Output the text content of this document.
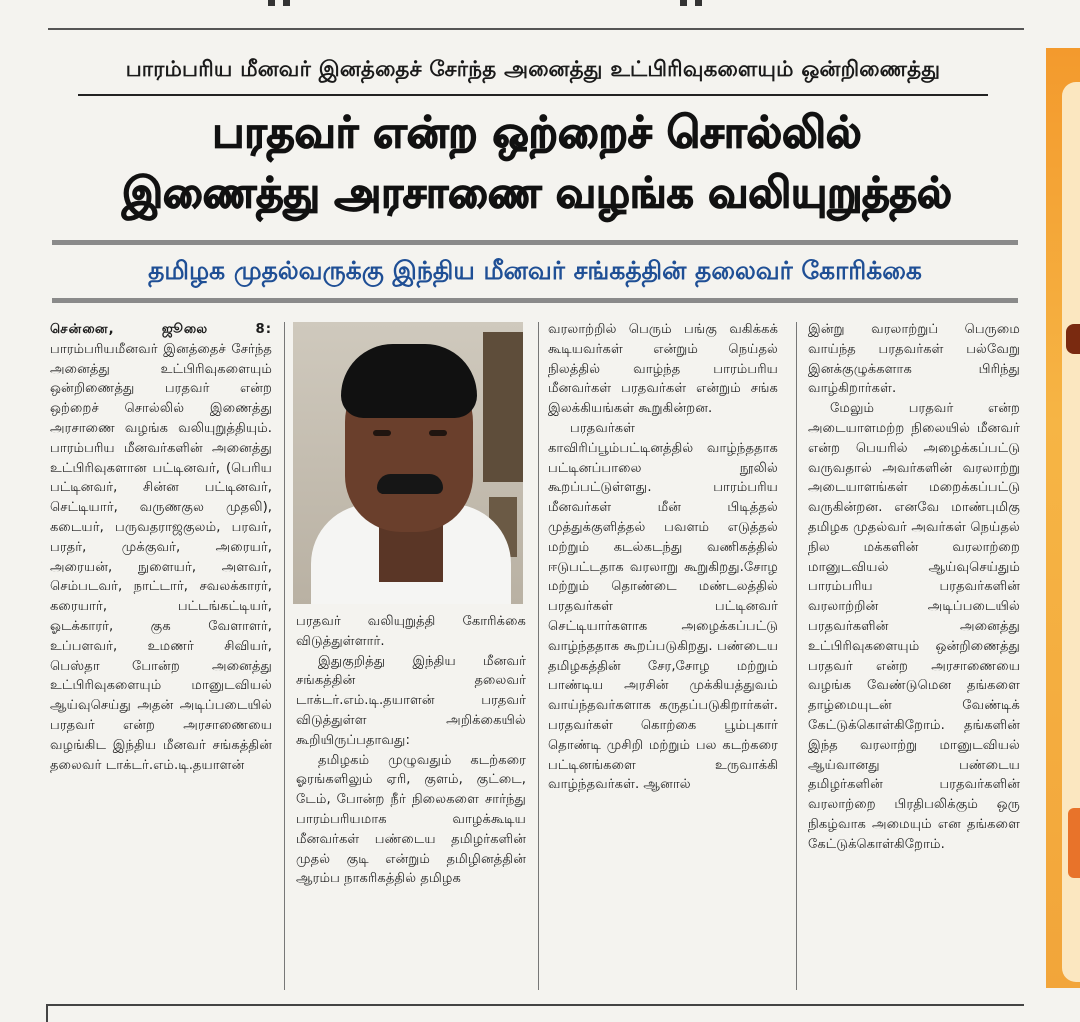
பாரம்பரிய மீனவர் இனத்தைச் சேர்ந்த அனைத்து உட்பிரிவுகளையும் ஒன்றிணைத்து
பரதவர் என்ற ஒற்றைச் சொல்லில்
இணைத்து அரசாணை வழங்க வலியுறுத்தல்
தமிழக முதல்வருக்கு இந்திய மீனவர் சங்கத்தின் தலைவர் கோரிக்கை

சென்னை, ஜூலை 8: பாரம்பரியமீனவர் இனத்தைச் சேர்ந்த அனைத்து உட்பிரிவுகளையும் ஒன்றிணைத்து பரதவர் என்ற ஒற்றைச் சொல்லில் இணைத்து அரசாணை வழங்க வலியுறுத்தியும். பாரம்பரிய மீனவர்களின் அனைத்து உட்பிரிவுகளான பட்டினவர், (பெரிய பட்டினவர், சின்ன பட்டினவர், செட்டியார், வருணகுல முதலி), கடையர், பருவதராஜகுலம், பரவர், பரதர், முக்குவர், அரையர், அரையன், நுளையர், அளவர், செம்படவர், நாட்டார், சவலக்காரர், கரையார், பட்டங்கட்டியர், ஓடக்காரர், குக வேளாளர், உப்பளவர், உமணர் சிவியர், பெஸ்தா போன்ற அனைத்து உட்பிரிவுகளையும் மானுடவியல் ஆய்வுசெய்து அதன் அடிப்படையில் பரதவர் என்ற அரசாணையை வழங்கிட இந்திய மீனவர் சங்கத்தின் தலைவர் டாக்டர்.எம்.டி.தயாளன்

பரதவர் வலியுறுத்தி கோரிக்கை விடுத்துள்ளார்.

இதுகுறித்து இந்திய மீனவர் சங்கத்தின் தலைவர் டாக்டர்.எம்.டி.தயாளன் பரதவர் விடுத்துள்ள அறிக்கையில் கூறியிருப்பதாவது:

தமிழகம் முழுவதும் கடற்கரை ஓரங்களிலும் ஏரி, குளம், குட்டை, டேம், போன்ற நீர் நிலைகளை சார்ந்து பாரம்பரியமாக வாழக்கூடிய மீனவர்கள் பண்டைய தமிழர்களின் முதல் குடி என்றும் தமிழினத்தின் ஆரம்ப நாகரிகத்தில் தமிழக

வரலாற்றில் பெரும் பங்கு வகிக்கக் கூடியவர்கள் என்றும் நெய்தல் நிலத்தில் வாழ்ந்த பாரம்பரிய மீனவர்கள் பரதவர்கள் என்றும் சங்க இலக்கியங்கள் கூறுகின்றன.

பரதவர்கள் காவிரிப்பூம்பட்டினத்தில் வாழ்ந்ததாக பட்டினப்பாலை நூலில் கூறப்பட்டுள்ளது. பாரம்பரிய மீனவர்கள் மீன் பிடித்தல் முத்துக்குளித்தல் பவளம் எடுத்தல் மற்றும் கடல்கடந்து வணிகத்தில் ஈடுபட்டதாக வரலாறு கூறுகிறது.சோழ மற்றும் தொண்டை மண்டலத்தில் பரதவர்கள் பட்டினவர் செட்டியார்களாக அழைக்கப்பட்டு வாழ்ந்ததாக கூறப்படுகிறது. பண்டைய தமிழகத்தின் சேர,சோழ மற்றும் பாண்டிய அரசின் முக்கியத்துவம் வாய்ந்தவர்களாக கருதப்படுகிறார்கள். பரதவர்கள் கொற்கை பூம்புகார் தொண்டி முசிறி மற்றும் பல கடற்கரை பட்டினங்களை உருவாக்கி வாழ்ந்தவர்கள். ஆனால்

இன்று வரலாற்றுப் பெருமை வாய்ந்த பரதவர்கள் பல்வேறு இனக்குழுக்களாக பிரிந்து வாழ்கிறார்கள்.

மேலும் பரதவர் என்ற அடையாளமற்ற நிலையில் மீனவர் என்ற பெயரில் அழைக்கப்பட்டு வருவதால் அவர்களின் வரலாற்று அடையாளங்கள் மறைக்கப்பட்டு வருகின்றன. எனவே மாண்புமிகு தமிழக முதல்வர் அவர்கள் நெய்தல் நில மக்களின் வரலாற்றை மானுடவியல் ஆய்வுசெய்தும் பாரம்பரிய பரதவர்களின் வரலாற்றின் அடிப்படையில் பரதவர்களின் அனைத்து உட்பிரிவுகளையும் ஒன்றிணைத்து பரதவர் என்ற அரசாணையை வழங்க வேண்டுமென தங்களை தாழ்மையுடன் வேண்டிக் கேட்டுக்கொள்கிறோம். தங்களின் இந்த வரலாற்று மானுடவியல் ஆய்வானது பண்டைய தமிழர்களின் பரதவர்களின் வரலாற்றை பிரதிபலிக்கும் ஒரு நிகழ்வாக அமையும் என தங்களை கேட்டுக்கொள்கிறோம்.
